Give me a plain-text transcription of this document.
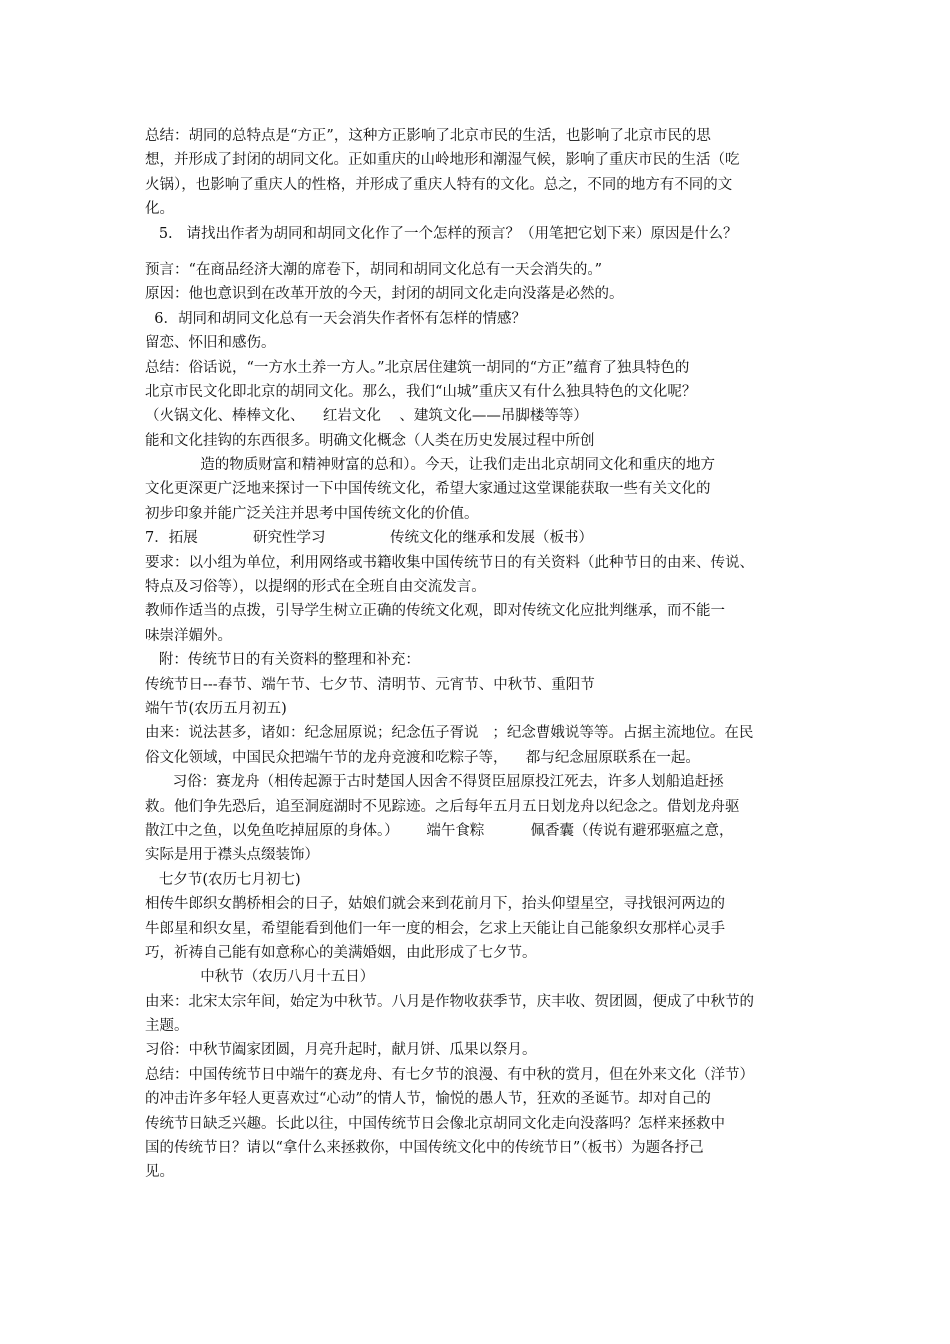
总结：胡同的总特点是“方正”，这种方正影响了北京市民的生活，也影响了北京市民的思
想，并形成了封闭的胡同文化。正如重庆的山岭地形和潮湿气候，影响了重庆市民的生活（吃
火锅），也影响了重庆人的性格，并形成了重庆人特有的文化。总之，不同的地方有不同的文
化。
5.   请找出作者为胡同和胡同文化作了一个怎样的预言？（用笔把它划下来）原因是什么？
预言：“在商品经济大潮的席卷下，胡同和胡同文化总有一天会消失的。”
原因：他也意识到在改革开放的今天，封闭的胡同文化走向没落是必然的。
6．胡同和胡同文化总有一天会消失作者怀有怎样的情感？
留恋、怀旧和感伤。
总结：俗话说，“一方水土养一方人。”北京居住建筑一胡同的“方正”蕴育了独具特色的
北京市民文化即北京的胡同文化。那么，我们“山城”重庆又有什么独具特色的文化呢？
（火锅文化、棒棒文化、    红岩文化    、建筑文化——吊脚楼等等）
能和文化挂钩的东西很多。明确文化概念（人类在历史发展过程中所创
造的物质财富和精神财富的总和）。今天，让我们走出北京胡同文化和重庆的地方
文化更深更广泛地来探讨一下中国传统文化，希望大家通过这堂课能获取一些有关文化的
初步印象并能广泛关注并思考中国传统文化的价值。
7．拓展            研究性学习              传统文化的继承和发展（板书）
要求：以小组为单位，利用网络或书籍收集中国传统节日的有关资料（此种节日的由来、传说、
特点及习俗等），以提纲的形式在全班自由交流发言。
教师作适当的点拨，引导学生树立正确的传统文化观，即对传统文化应批判继承，而不能一
味崇洋媚外。
附：传统节日的有关资料的整理和补充：
传统节日---春节、端午节、七夕节、清明节、元宵节、中秋节、重阳节
端午节(农历五月初五)
由来：说法甚多，诸如：纪念屈原说；纪念伍子胥说   ；纪念曹娥说等等。占据主流地位。在民
俗文化领域，中国民众把端午节的龙舟竞渡和吃粽子等，    都与纪念屈原联系在一起。
习俗：赛龙舟（相传起源于古时楚国人因舍不得贤臣屈原投江死去，许多人划船追赶拯
救。他们争先恐后，追至洞庭湖时不见踪迹。之后每年五月五日划龙舟以纪念之。借划龙舟驱
散江中之鱼，以免鱼吃掉屈原的身体。）      端午食粽          佩香囊（传说有避邪驱瘟之意，
实际是用于襟头点缀装饰）
七夕节(农历七月初七)
相传牛郎织女鹊桥相会的日子，姑娘们就会来到花前月下，抬头仰望星空，寻找银河两边的
牛郎星和织女星，希望能看到他们一年一度的相会，乞求上天能让自己能象织女那样心灵手
巧，祈祷自己能有如意称心的美满婚姻，由此形成了七夕节。
中秋节（农历八月十五日）
由来：北宋太宗年间，始定为中秋节。八月是作物收获季节，庆丰收、贺团圆，便成了中秋节的
主题。
习俗：中秋节阖家团圆，月亮升起时，献月饼、瓜果以祭月。
总结：中国传统节日中端午的赛龙舟、有七夕节的浪漫、有中秋的赏月，但在外来文化（洋节）
的冲击许多年轻人更喜欢过“心动”的情人节，愉悦的愚人节，狂欢的圣诞节。却对自己的
传统节日缺乏兴趣。长此以往，中国传统节日会像北京胡同文化走向没落吗？怎样来拯救中
国的传统节日？请以“拿什么来拯救你，中国传统文化中的传统节日”（板书）为题各抒己
见。
